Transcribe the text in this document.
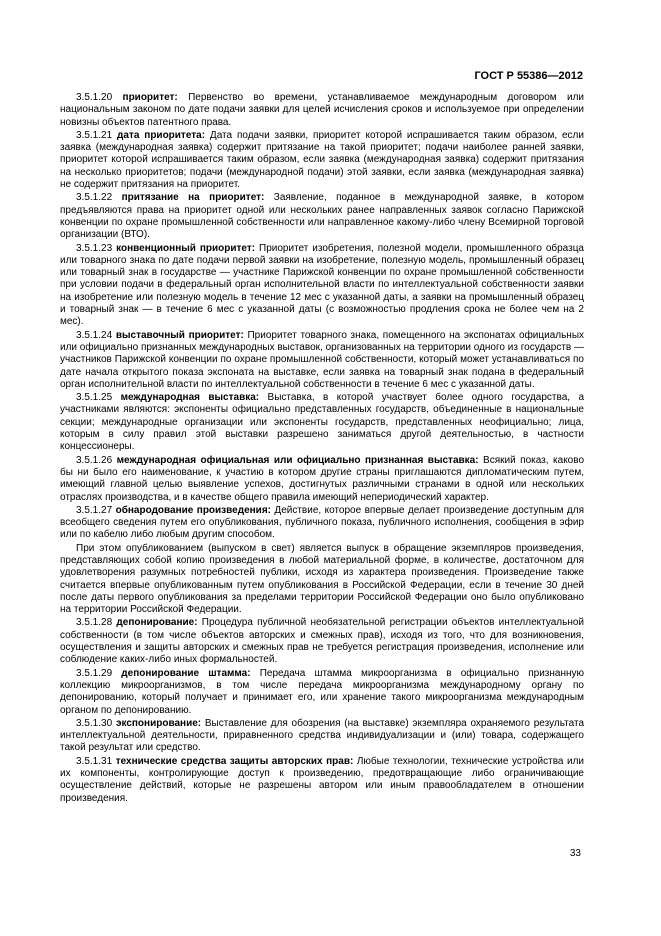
ГОСТ Р 55386—2012

3.5.1.20 приоритет: Первенство во времени, устанавливаемое международным договором или национальным законом по дате подачи заявки для целей исчисления сроков и используемое при определении новизны объектов патентного права.

3.5.1.21 дата приоритета: Дата подачи заявки, приоритет которой испрашивается таким образом, если заявка (международная заявка) содержит притязание на такой приоритет; подачи наиболее ранней заявки, приоритет которой испрашивается таким образом, если заявка (международная заявка) содержит притязания на несколько приоритетов; подачи (международной подачи) этой заявки, если заявка (международная заявка) не содержит притязания на приоритет.

3.5.1.22 притязание на приоритет: Заявление, поданное в международной заявке, в котором предъявляются права на приоритет одной или нескольких ранее направленных заявок согласно Парижской конвенции по охране промышленной собственности или направленное какому-либо члену Всемирной торговой организации (ВТО).

3.5.1.23 конвенционный приоритет: Приоритет изобретения, полезной модели, промышленного образца или товарного знака по дате подачи первой заявки на изобретение, полезную модель, промышленный образец или товарный знак в государстве — участнике Парижской конвенции по охране промышленной собственности при условии подачи в федеральный орган исполнительной власти по интеллектуальной собственности заявки на изобретение или полезную модель в течение 12 мес с указанной даты, а заявки на промышленный образец и товарный знак — в течение 6 мес с указанной даты (с возможностью продления срока не более чем на 2 мес).

3.5.1.24 выставочный приоритет: Приоритет товарного знака, помещенного на экспонатах официальных или официально признанных международных выставок, организованных на территории одного из государств — участников Парижской конвенции по охране промышленной собственности, который может устанавливаться по дате начала открытого показа экспоната на выставке, если заявка на товарный знак подана в федеральный орган исполнительной власти по интеллектуальной собственности в течение 6 мес с указанной даты.

3.5.1.25 международная выставка: Выставка, в которой участвует более одного государства, а участниками являются: экспоненты официально представленных государств, объединенные в национальные секции; международные организации или экспоненты государств, представленных неофициально; лица, которым в силу правил этой выставки разрешено заниматься другой деятельностью, в частности концессионеры.

3.5.1.26 международная официальная или официально признанная выставка: Всякий показ, каково бы ни было его наименование, к участию в котором другие страны приглашаются дипломатическим путем, имеющий главной целью выявление успехов, достигнутых различными странами в одной или нескольких отраслях производства, и в качестве общего правила имеющий непериодический характер.

3.5.1.27 обнародование произведения: Действие, которое впервые делает произведение доступным для всеобщего сведения путем его опубликования, публичного показа, публичного исполнения, сообщения в эфир или по кабелю либо любым другим способом.

При этом опубликованием (выпуском в свет) является выпуск в обращение экземпляров произведения, представляющих собой копию произведения в любой материальной форме, в количестве, достаточном для удовлетворения разумных потребностей публики, исходя из характера произведения. Произведение также считается впервые опубликованным путем опубликования в Российской Федерации, если в течение 30 дней после даты первого опубликования за пределами территории Российской Федерации оно было опубликовано на территории Российской Федерации.

3.5.1.28 депонирование: Процедура публичной необязательной регистрации объектов интеллектуальной собственности (в том числе объектов авторских и смежных прав), исходя из того, что для возникновения, осуществления и защиты авторских и смежных прав не требуется регистрация произведения, исполнение или соблюдение каких-либо иных формальностей.

3.5.1.29 депонирование штамма: Передача штамма микроорганизма в официально признанную коллекцию микроорганизмов, в том числе передача микроорганизма международному органу по депонированию, который получает и принимает его, или хранение такого микроорганизма международным органом по депонированию.

3.5.1.30 экспонирование: Выставление для обозрения (на выставке) экземпляра охраняемого результата интеллектуальной деятельности, приравненного средства индивидуализации и (или) товара, содержащего такой результат или средство.

3.5.1.31 технические средства защиты авторских прав: Любые технологии, технические устройства или их компоненты, контролирующие доступ к произведению, предотвращающие либо ограничивающие осуществление действий, которые не разрешены автором или иным правообладателем в отношении произведения.

33
